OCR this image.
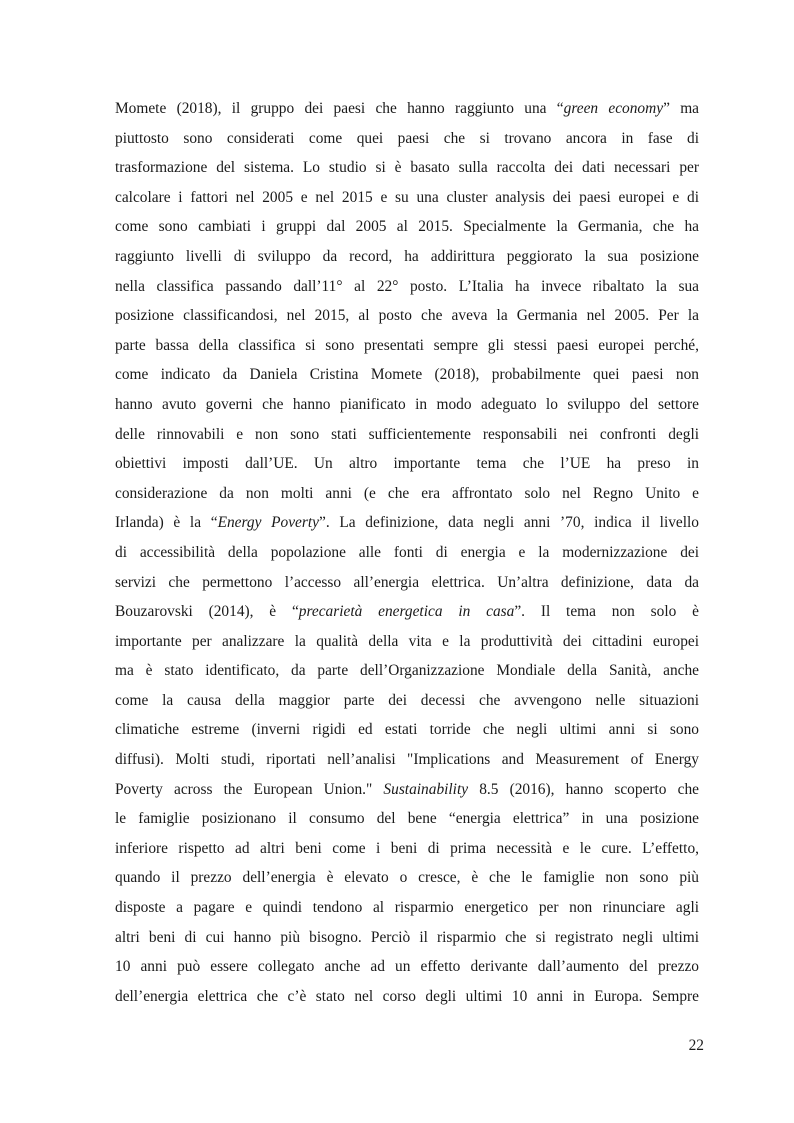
Momete (2018), il gruppo dei paesi che hanno raggiunto una “green economy” ma
piuttosto sono considerati come quei paesi che si trovano ancora in fase di
trasformazione del sistema. Lo studio si è basato sulla raccolta dei dati necessari per
calcolare i fattori nel 2005 e nel 2015 e su una cluster analysis dei paesi europei e di
come sono cambiati i gruppi dal 2005 al 2015. Specialmente la Germania, che ha
raggiunto livelli di sviluppo da record, ha addirittura peggiorato la sua posizione
nella classifica passando dall’11° al 22° posto. L’Italia ha invece ribaltato la sua
posizione classificandosi, nel 2015, al posto che aveva la Germania nel 2005. Per la
parte bassa della classifica si sono presentati sempre gli stessi paesi europei perché,
come indicato da Daniela Cristina Momete (2018), probabilmente quei paesi non
hanno avuto governi che hanno pianificato in modo adeguato lo sviluppo del settore
delle rinnovabili e non sono stati sufficientemente responsabili nei confronti degli
obiettivi imposti dall’UE. Un altro importante tema che l’UE ha preso in
considerazione da non molti anni (e che era affrontato solo nel Regno Unito e
Irlanda) è la “Energy Poverty”. La definizione, data negli anni ’70, indica il livello
di accessibilità della popolazione alle fonti di energia e la modernizzazione dei
servizi che permettono l’accesso all’energia elettrica. Un’altra definizione, data da
Bouzarovski (2014), è “precarietà energetica in casa”. Il tema non solo è
importante per analizzare la qualità della vita e la produttività dei cittadini europei
ma è stato identificato, da parte dell’Organizzazione Mondiale della Sanità, anche
come la causa della maggior parte dei decessi che avvengono nelle situazioni
climatiche estreme (inverni rigidi ed estati torride che negli ultimi anni si sono
diffusi). Molti studi, riportati nell’analisi "Implications and Measurement of Energy
Poverty across the European Union." Sustainability 8.5 (2016), hanno scoperto che
le famiglie posizionano il consumo del bene “energia elettrica” in una posizione
inferiore rispetto ad altri beni come i beni di prima necessità e le cure. L’effetto,
quando il prezzo dell’energia è elevato o cresce, è che le famiglie non sono più
disposte a pagare e quindi tendono al risparmio energetico per non rinunciare agli
altri beni di cui hanno più bisogno. Perciò il risparmio che si registrato negli ultimi
10 anni può essere collegato anche ad un effetto derivante dall’aumento del prezzo
dell’energia elettrica che c’è stato nel corso degli ultimi 10 anni in Europa. Sempre
22
